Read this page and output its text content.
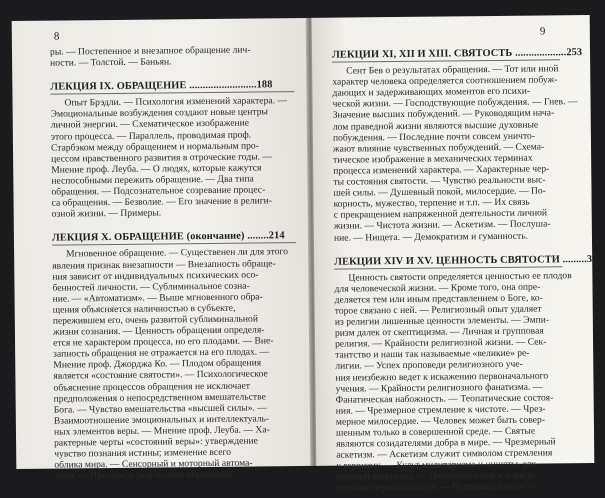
8
ры. — Постепенное и внезапное обращение лич-
ности. — Толстой. — Баньян.
ЛЕКЦИЯ IX. ОБРАЩЕНИЕ .........................188
Опыт Брэдли. — Психология изменений характера. —
Эмоциональные возбуждения создают новые центры
личной энергии. — Схематическое изображение
этого процесса. — Параллель, проводимая проф.
Старбэком между обращением и нормальным про-
цессом нравственного развития в отроческие годы. —
Мнение проф. Леуба. — О людях, которые кажутся
неспособными пережить обращение. — Два типа
обращения. — Подсознательное созревание процес-
са обращения. — Безволие. — Его значение в религи-
озной жизни. — Примеры.
ЛЕКЦИЯ X. ОБРАЩЕНИЕ (окончание) ........214
Мгновенное обращение. — Существенен ли для этого
явления признак внезапности — Внезапность обраще-
ния зависит от индивидуальных психических осо-
бенностей личности. — Сублиминальное созна-
ние. — «Автоматизм». — Выше мгновенного обра-
щения объясняется наличностью в субъекте,
пережившем его, очень развитой сублиминальной
жизни сознания. — Ценность обращения определя-
ется не характером процесса, но его плодами. — Вне-
запность обращения не отражается на его плодах. —
Мнение проф. Джорджа Ко. — Плодом обращения
является «состояние святости». — Психологическое
объяснение процессов обращения не исключает
предположения о непосредственном вмешательстве
Бога. — Чувство вмешательства «высшей силы». —
Взаимоотношение эмоциональных и интеллектуаль-
ных элементов веры. — Мнение проф. Леуба. — Ха-
рактерные черты «состояний веры»: утверждение
чувство познания истины; изменение всего
облика мира. — Сенсорный и моторный автома-
тизм. — Прочность результатов обращения.
9
ЛЕКЦИИ XI, XII И XIII. СВЯТОСТЬ ...................253
Сент Бев о результатах обращения. — Тот или иной
характер человека определяется соотношением побуж-
дающих и задерживающих моментов его психи-
ческой жизни. — Господствующие побуждения. — Гнев. —
Значение высших побуждений. — Руководящим нача-
лом праведной жизни являются высшие духовные
побуждения. — Последние почти совсем уничто-
жают влияние чувственных побуждений. — Схема-
тическое изображение в механических терминах
процесса изменений характера. — Характерные чер-
ты состояния святости. — Чувство реальности выс-
шей силы. — Душевный покой, милосердие. — По-
корность, мужество, терпение и т.п. — Их связь
с прекращением напряженной деятельности личной
жизни. — Чистота жизни. — Аскетизм. — Послуша-
ние. — Нищета. — Демократизм и гуманность.
ЛЕКЦИИ XIV И XV. ЦЕННОСТЬ СВЯТОСТИ .........322
Ценность святости определяется ценностью ее плодов
для человеческой жизни. — Кроме того, она опре-
деляется тем или иным представлением о Боге, ко-
торое связано с ней. — Религиозный опыт удаляет
из религии лишенные ценности элементы. — Эмпи-
ризм далек от скептицизма. — Личная и групповая
религия. — Крайности религиозной жизни. — Сек-
тантство и наши так называемые «великие» ре-
лигии. — Успех проповеди религиозного уче-
ния неизбежно ведет к искажению первоначального
учения. — Крайности религиозного фанатизма. —
Фанатическая набожность. — Теопатические состоя-
ния. — Чрезмерное стремление к чистоте. — Чрез-
мерное милосердие. — Человек может быть совер-
шенным только в совершенной среде. — Святые
являются созидателями добра в мире. — Чрезмерный
аскетизм. — Аскетизм служит символом стремления
к героизму. — Культ милитаризма и нищеты, как
явлений аскетизма. — Положительные и отрица-
тельные черты святости. — Противоположность
